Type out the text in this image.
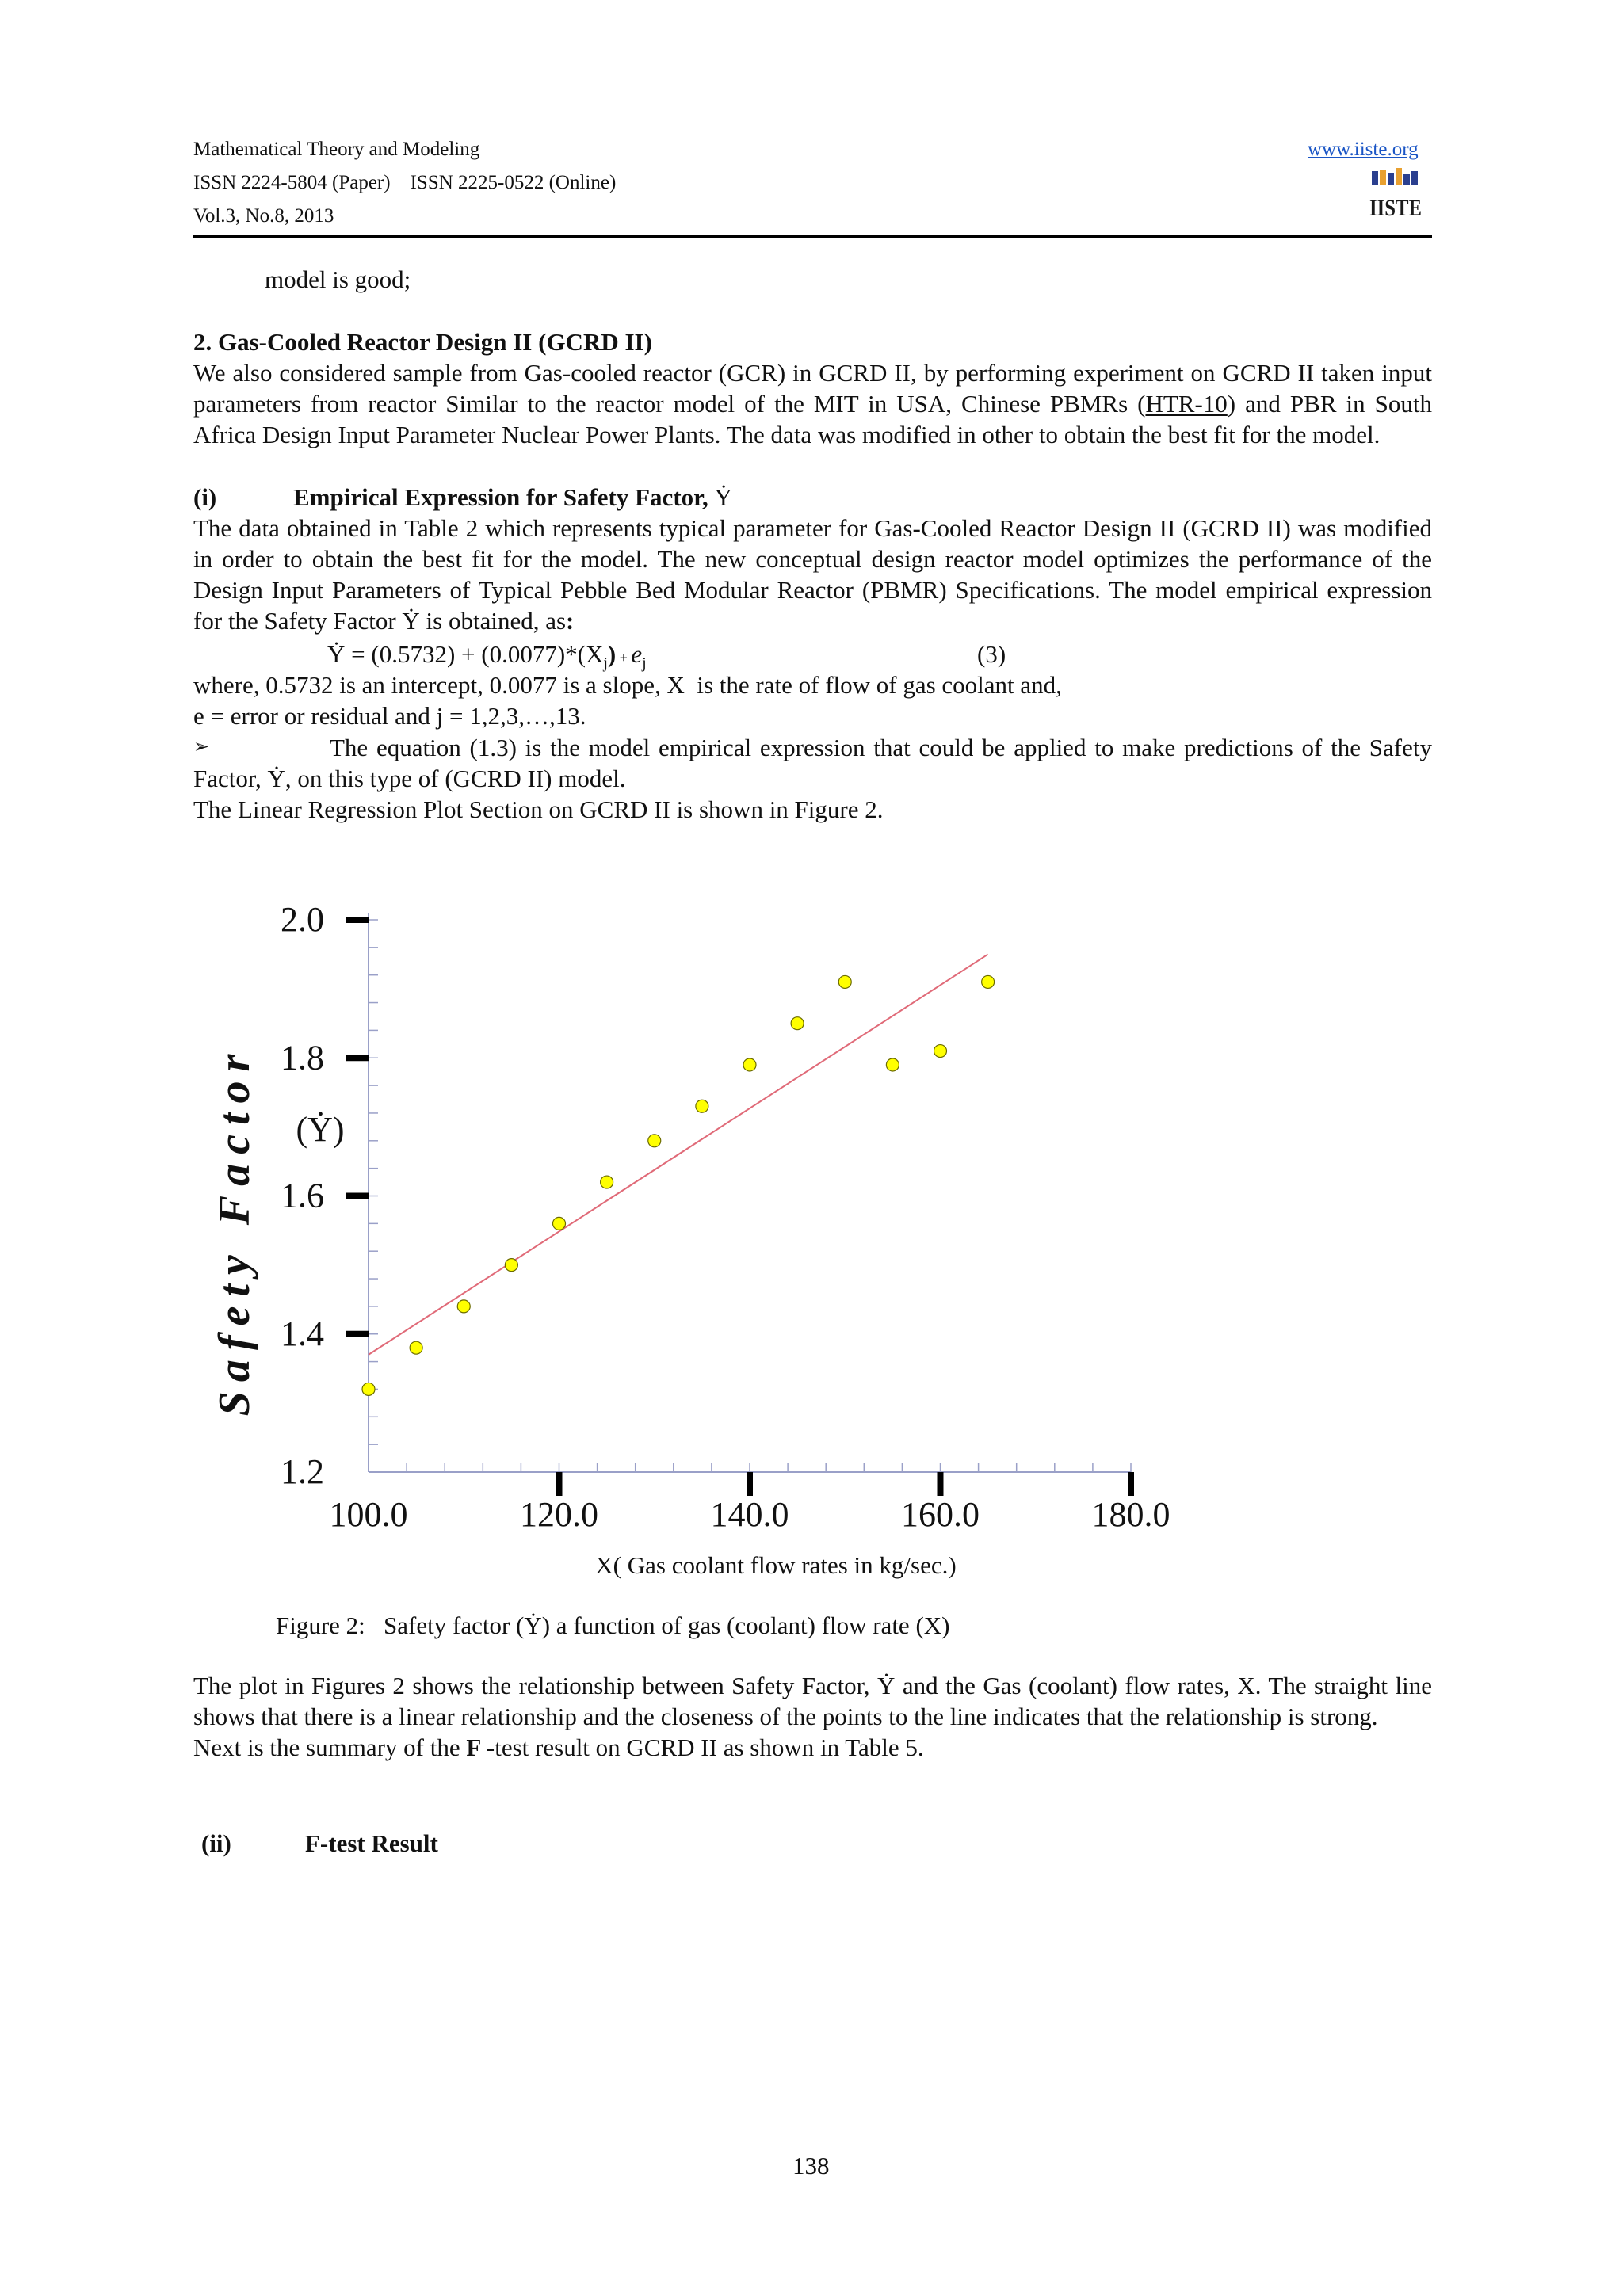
Mathematical Theory and Modeling
ISSN 2224-5804 (Paper)    ISSN 2225-0522 (Online)
Vol.3, No.8, 2013
www.iiste.org
IISTE
model is good;

2. Gas-Cooled Reactor Design II (GCRD II)

We also considered sample from Gas-cooled reactor (GCR) in GCRD II, by performing experiment on GCRD II taken input parameters from reactor Similar to the reactor model of the MIT in USA, Chinese PBMRs (HTR-10) and PBR in South Africa Design Input Parameter Nuclear Power Plants. The data was modified in other to obtain the best fit for the model.

(i)	Empirical Expression for Safety Factor, Ẏ

The data obtained in Table 2 which represents typical parameter for Gas-Cooled Reactor Design II (GCRD II) was modified in order to obtain the best fit for the model. The new conceptual design reactor model optimizes the performance of the Design Input Parameters of Typical Pebble Bed Modular Reactor (PBMR) Specifications. The model empirical expression for the Safety Factor Ẏ is obtained, as:

Ẏ = $(0.5732) + (0.0077)*(X_j) + e_j$	(3)
where, 0.5732 is an intercept, 0.0077 is a slope, X  is the rate of flow of gas coolant and,
e = error or residual and j = 1,2,3,…,13.
➢	The equation (1.3) is the model empirical expression that could be applied to make predictions of the Safety Factor, Ẏ, on this type of (GCRD II) model.

The Linear Regression Plot Section on GCRD II is shown in Figure 2.
2.0
1.8
1.6
1.4
1.2
100.0	120.0	140.0	160.0	180.0
Safety Factor (Ẏ)
X( Gas coolant flow rates in kg/sec.)
Figure 2:   Safety factor (Ẏ) a function of gas (coolant) flow rate (X)

The plot in Figures 2 shows the relationship between Safety Factor, Ẏ and the Gas (coolant) flow rates, X. The straight line shows that there is a linear relationship and the closeness of the points to the line indicates that the relationship is strong.

Next is the summary of the F -test result on GCRD II as shown in Table 5.

(ii)	F-test Result
138
